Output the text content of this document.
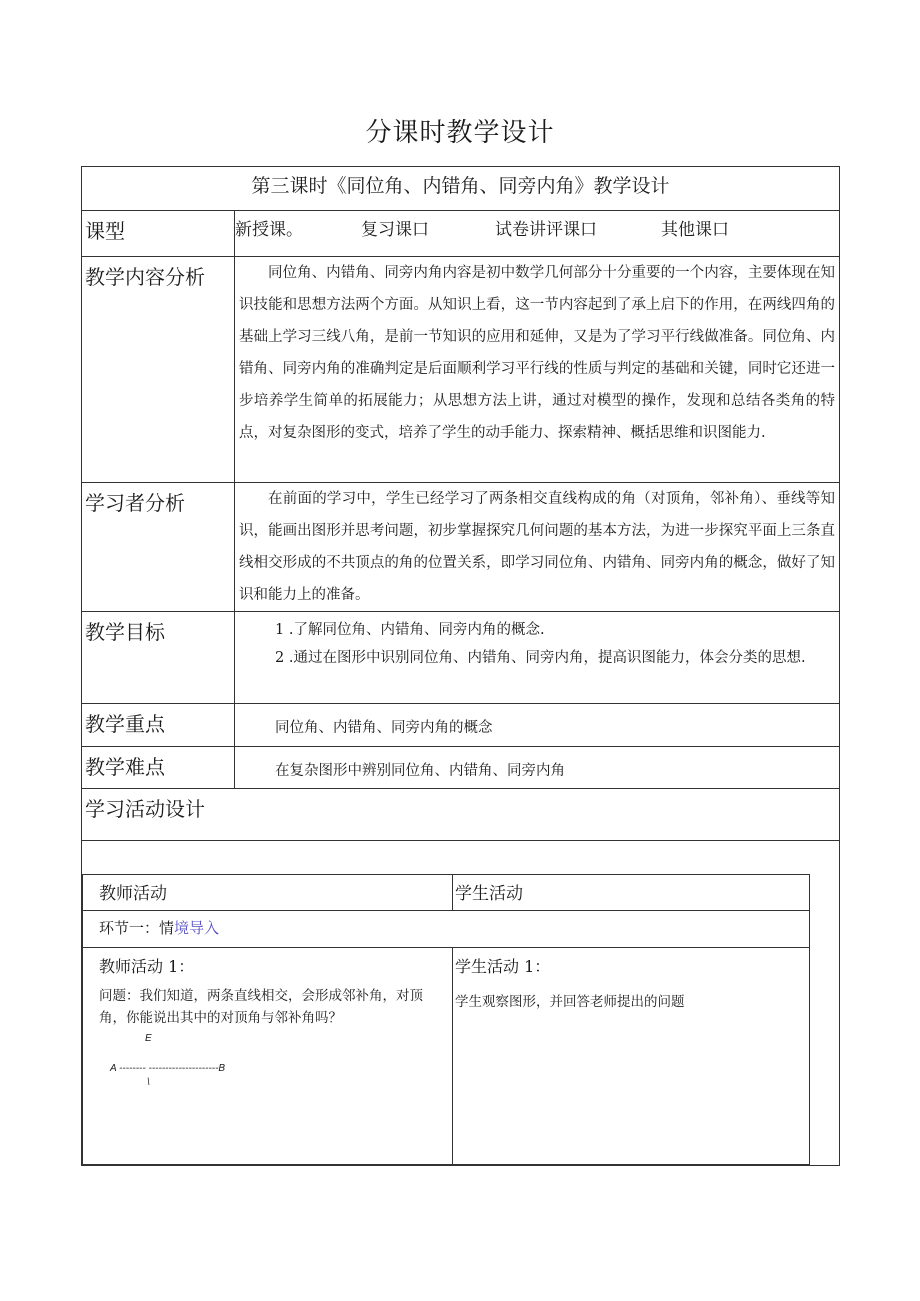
分课时教学设计
第三课时《同位角、内错角、同旁内角》教学设计
课型	新授课。	复习课口	试卷讲评课口	其他课口

教学内容分析	同位角、内错角、同旁内角内容是初中数学几何部分十分重要的一个内容，主要体现在知识技能和思想方法两个方面。从知识上看，这一节内容起到了承上启下的作用，在两线四角的基础上学习三线八角，是前一节知识的应用和延伸，又是为了学习平行线做准备。同位角、内错角、同旁内角的准确判定是后面顺利学习平行线的性质与判定的基础和关键，同时它还进一步培养学生简单的拓展能力；从思想方法上讲，通过对模型的操作，发现和总结各类角的特点，对复杂图形的变式，培养了学生的动手能力、探索精神、概括思维和识图能力.

学习者分析	在前面的学习中，学生已经学习了两条相交直线构成的角（对顶角，邻补角）、垂线等知识，能画出图形并思考问题，初步掌握探究几何问题的基本方法，为进一步探究平面上三条直线相交形成的不共顶点的角的位置关系，即学习同位角、内错角、同旁内角的概念，做好了知识和能力上的准备。

教学目标	1 .了解同位角、内错角、同旁内角的概念.
2 .通过在图形中识别同位角、内错角、同旁内角，提高识图能力，体会分类的思想.

教学重点	同位角、内错角、同旁内角的概念
教学难点	在复杂图形中辨别同位角、内错角、同旁内角
学习活动设计

教师活动	学生活动
环节一：情境导入

教师活动 1：
问题：我们知道，两条直线相交，会形成邻补角，对顶角，你能说出其中的对顶角与邻补角吗？
E
A -------- ---------------------B
\

学生活动 1：
学生观察图形，并回答老师提出的问题
